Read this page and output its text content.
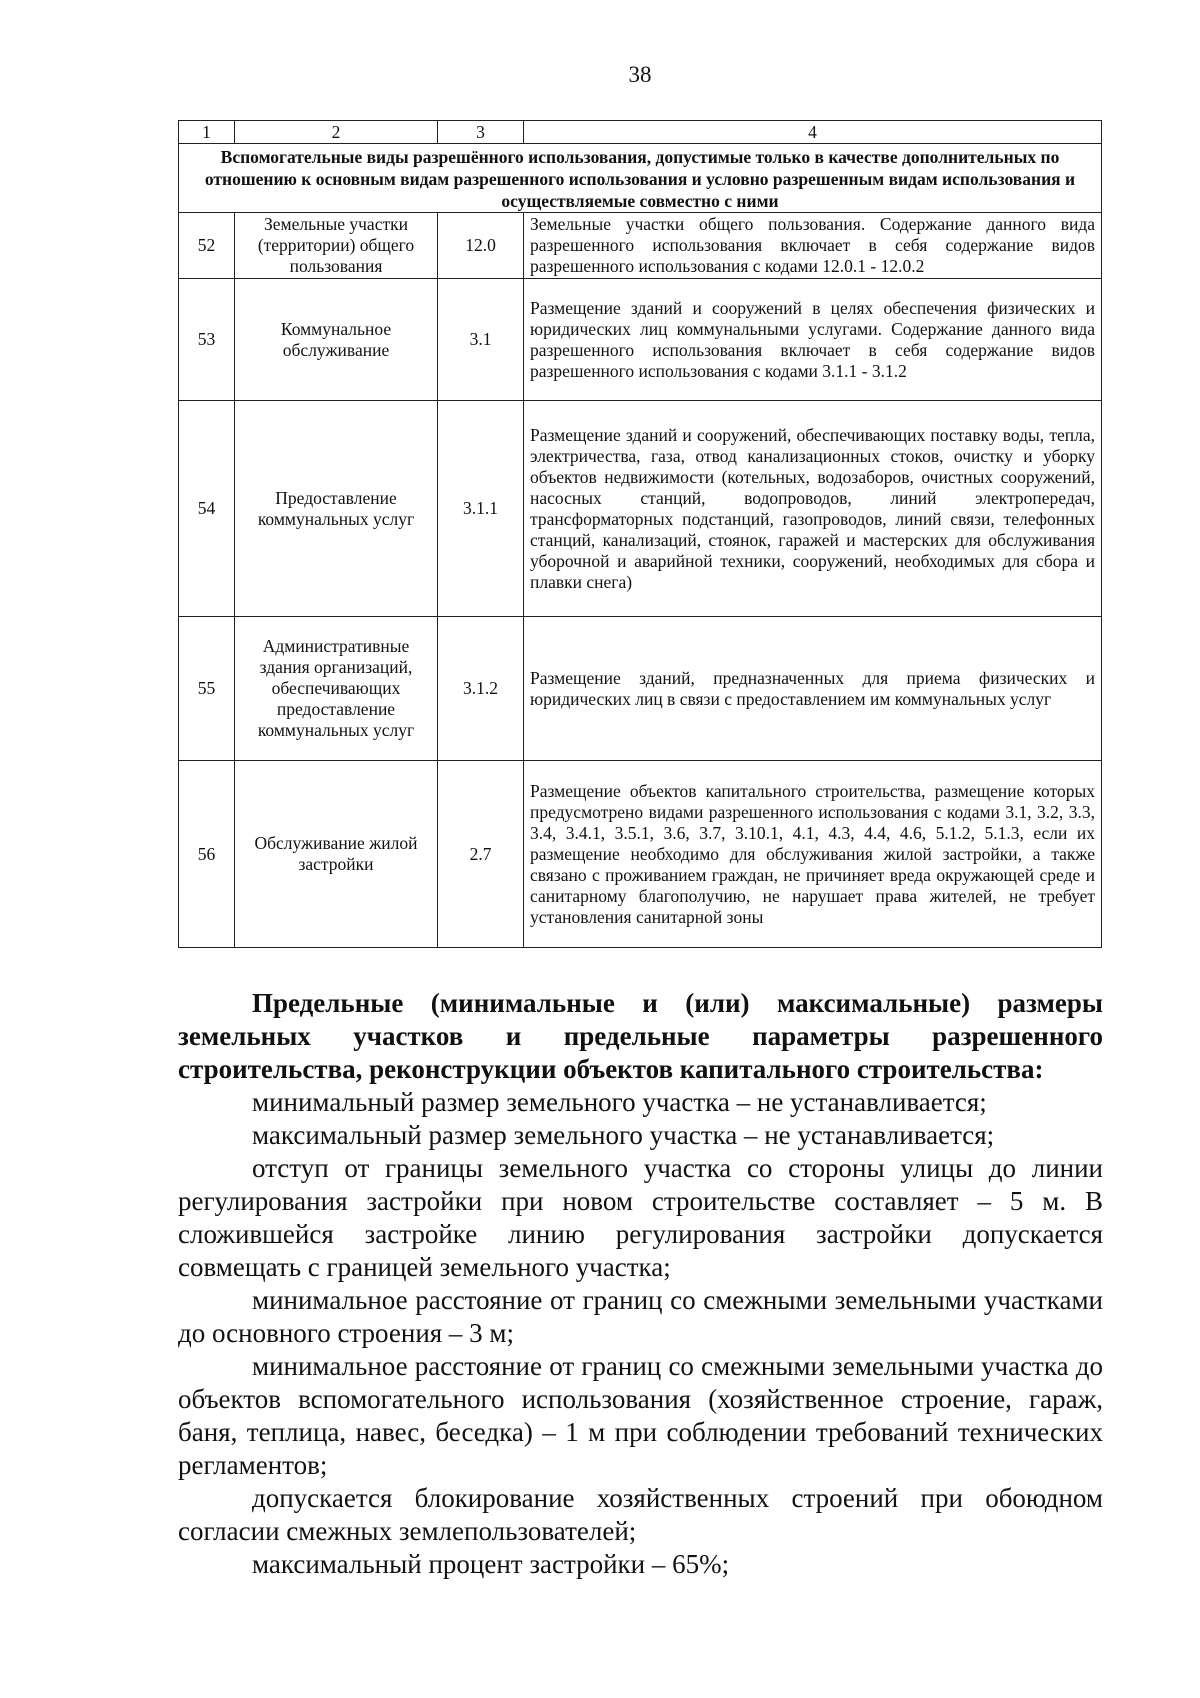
38
1	2	3	4
Вспомогательные виды разрешённого использования, допустимые только в качестве дополнительных по отношению к основным видам разрешенного использования и условно разрешенным видам использования и осуществляемые совместно с ними			
52	Земельные участки (территории) общего пользования	12.0	Земельные участки общего пользования. Содержание данного вида разрешенного использования включает в себя содержание видов разрешенного использования с кодами 12.0.1 - 12.0.2
53	Коммунальное обслуживание	3.1	Размещение зданий и сооружений в целях обеспечения физических и юридических лиц коммунальными услугами. Содержание данного вида разрешенного использования включает в себя содержание видов разрешенного использования с кодами 3.1.1 - 3.1.2
54	Предоставление коммунальных услуг	3.1.1	Размещение зданий и сооружений, обеспечивающих поставку воды, тепла, электричества, газа, отвод канализационных стоков, очистку и уборку объектов недвижимости (котельных, водозаборов, очистных сооружений, насосных станций, водопроводов, линий электропередач, трансформаторных подстанций, газопроводов, линий связи, телефонных станций, канализаций, стоянок, гаражей и мастерских для обслуживания уборочной и аварийной техники, сооружений, необходимых для сбора и плавки снега)
55	Административные здания организаций, обеспечивающих предоставление коммунальных услуг	3.1.2	Размещение зданий, предназначенных для приема физических и юридических лиц в связи с предоставлением им коммунальных услуг
56	Обслуживание жилой застройки	2.7	Размещение объектов капитального строительства, размещение которых предусмотрено видами разрешенного использования с кодами 3.1, 3.2, 3.3, 3.4, 3.4.1, 3.5.1, 3.6, 3.7, 3.10.1, 4.1, 4.3, 4.4, 4.6, 5.1.2, 5.1.3, если их размещение необходимо для обслуживания жилой застройки, а также связано с проживанием граждан, не причиняет вреда окружающей среде и санитарному благополучию, не нарушает права жителей, не требует установления санитарной зоны

Предельные (минимальные и (или) максимальные) размеры земельных участков и предельные параметры разрешенного строительства, реконструкции объектов капитального строительства:

минимальный размер земельного участка – не устанавливается;

максимальный размер земельного участка – не устанавливается;

отступ от границы земельного участка со стороны улицы до линии регулирования застройки при новом строительстве составляет – 5 м. В сложившейся застройке линию регулирования застройки допускается совмещать с границей земельного участка;

минимальное расстояние от границ со смежными земельными участками до основного строения – 3 м;

минимальное расстояние от границ со смежными земельными участка до объектов вспомогательного использования (хозяйственное строение, гараж, баня, теплица, навес, беседка) – 1 м при соблюдении требований технических регламентов;

допускается блокирование хозяйственных строений при обоюдном согласии смежных землепользователей;

максимальный процент застройки – 65%;
